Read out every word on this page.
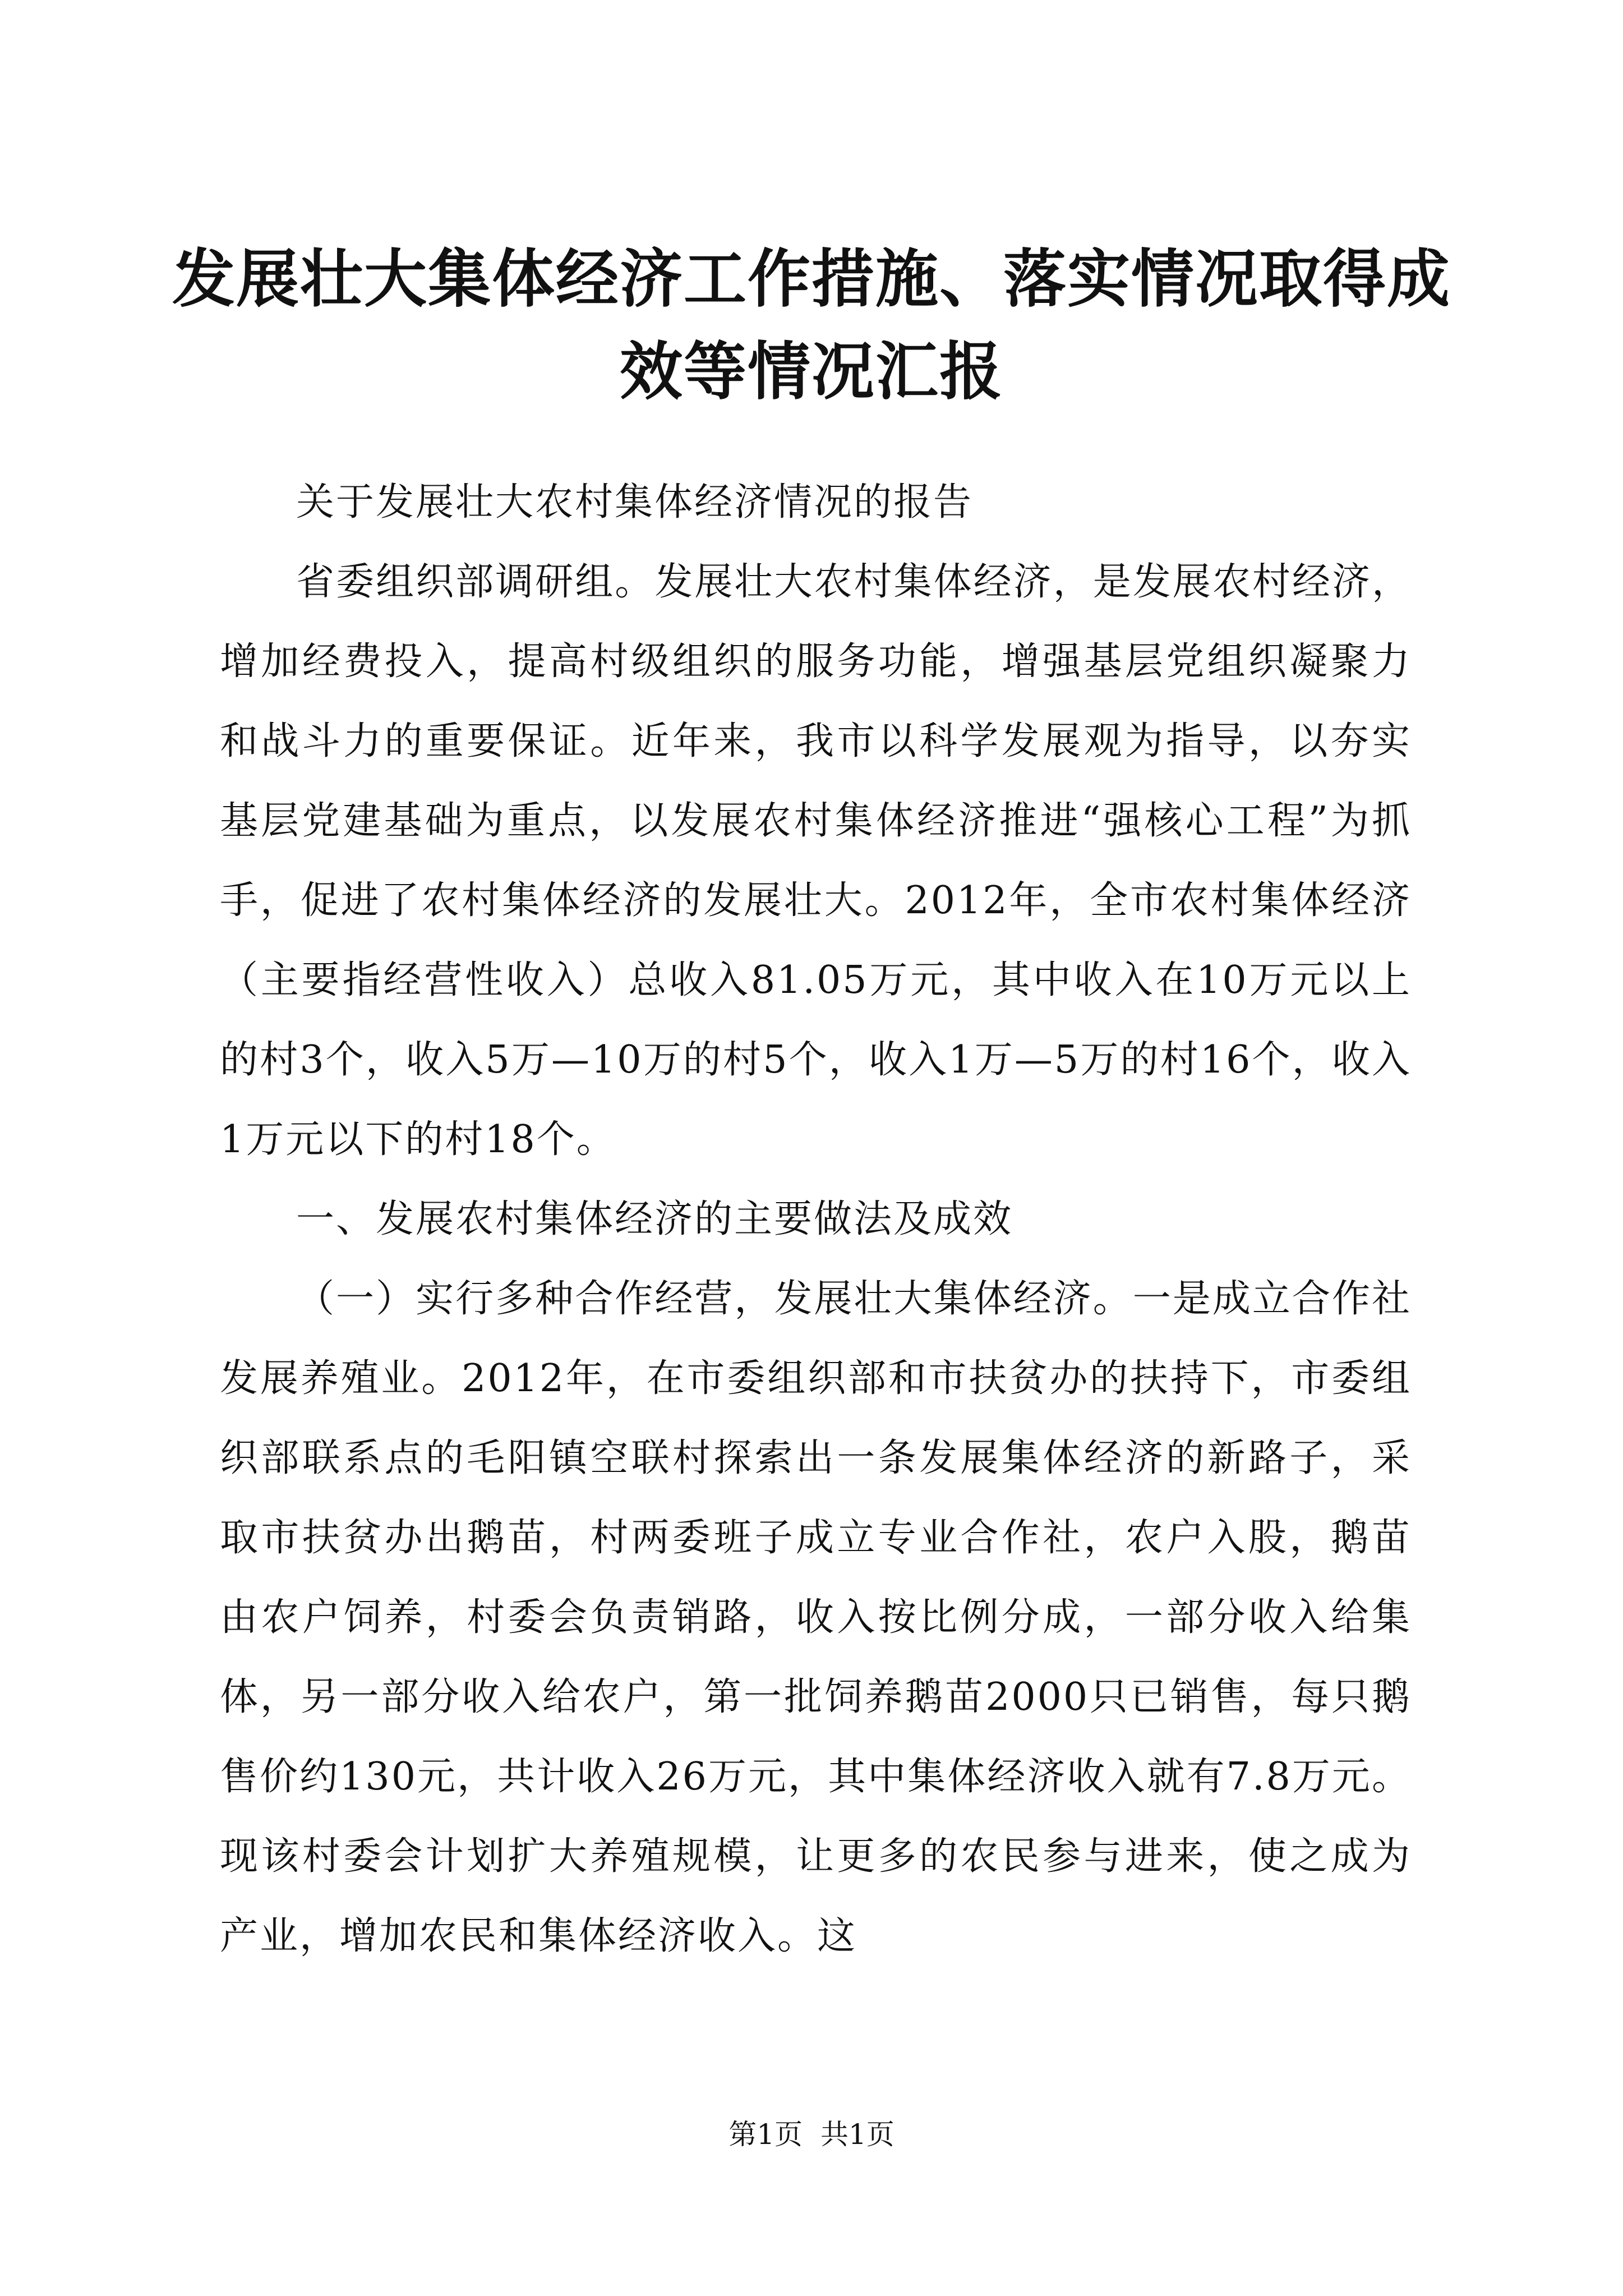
发展壮大集体经济工作措施、落实情况取得成效等情况汇报

关于发展壮大农村集体经济情况的报告

省委组织部调研组。发展壮大农村集体经济，是发展农村经济，增加经费投入，提高村级组织的服务功能，增强基层党组织凝聚力和战斗力的重要保证。近年来，我市以科学发展观为指导，以夯实基层党建基础为重点，以发展农村集体经济推进“强核心工程”为抓手，促进了农村集体经济的发展壮大。2012年，全市农村集体经济（主要指经营性收入）总收入81.05万元，其中收入在10万元以上的村3个，收入5万—10万的村5个，收入1万—5万的村16个，收入1万元以下的村18个。

一、发展农村集体经济的主要做法及成效

（一）实行多种合作经营，发展壮大集体经济。一是成立合作社发展养殖业。2012年，在市委组织部和市扶贫办的扶持下，市委组织部联系点的毛阳镇空联村探索出一条发展集体经济的新路子，采取市扶贫办出鹅苗，村两委班子成立专业合作社，农户入股，鹅苗由农户饲养，村委会负责销路，收入按比例分成，一部分收入给集体，另一部分收入给农户，第一批饲养鹅苗2000只已销售，每只鹅售价约130元，共计收入26万元，其中集体经济收入就有7.8万元。现该村委会计划扩大养殖规模，让更多的农民参与进来，使之成为产业，增加农民和集体经济收入。这

第1页 共1页
